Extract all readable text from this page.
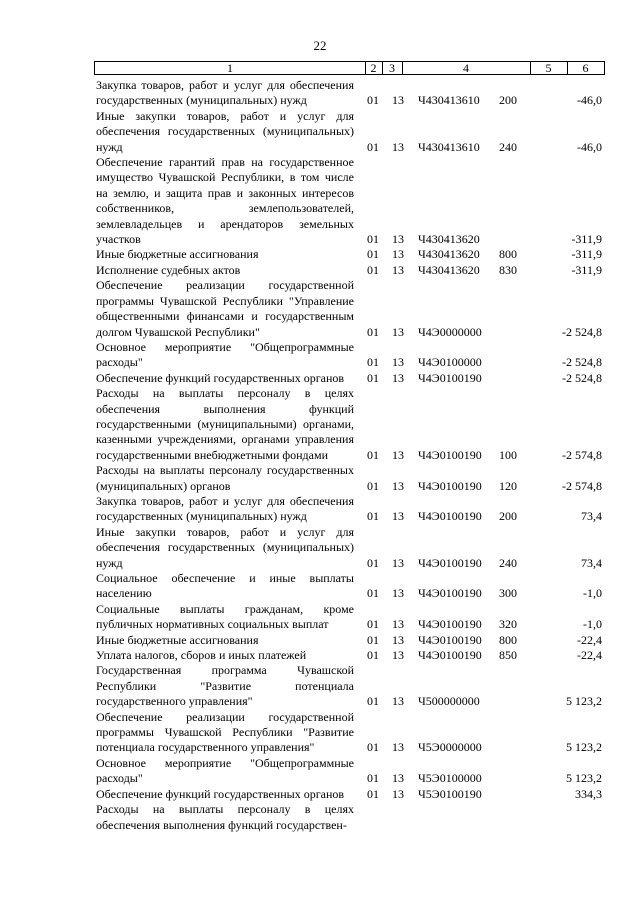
22
1	2	3	4	5	6
Закупка товаров, работ и услуг для обеспечения государственных (муниципальных) нужд	01 13 Ч430413610 200	-46,0
Иные закупки товаров, работ и услуг для обеспечения государственных (муниципальных) нужд	01 13 Ч430413610 240	-46,0
Обеспечение гарантий прав на государственное имущество Чувашской Республики, в том числе на землю, и защита прав и законных интересов собственников, землепользователей, землевладельцев и арендаторов земельных участков	01 13 Ч430413620	-311,9
Иные бюджетные ассигнования	01 13 Ч430413620 800	-311,9
Исполнение судебных актов	01 13 Ч430413620 830	-311,9
Обеспечение реализации государственной программы Чувашской Республики "Управление общественными финансами и государственным долгом Чувашской Республики"	01 13 Ч4Э0000000	-2 524,8
Основное мероприятие "Общепрограммные расходы"	01 13 Ч4Э0100000	-2 524,8
Обеспечение функций государственных органов	01 13 Ч4Э0100190	-2 524,8
Расходы на выплаты персоналу в целях обеспечения выполнения функций государственными (муниципальными) органами, казенными учреждениями, органами управления государственными внебюджетными фондами	01 13 Ч4Э0100190 100	-2 574,8
Расходы на выплаты персоналу государственных (муниципальных) органов	01 13 Ч4Э0100190 120	-2 574,8
Закупка товаров, работ и услуг для обеспечения государственных (муниципальных) нужд	01 13 Ч4Э0100190 200	73,4
Иные закупки товаров, работ и услуг для обеспечения государственных (муниципальных) нужд	01 13 Ч4Э0100190 240	73,4
Социальное обеспечение и иные выплаты населению	01 13 Ч4Э0100190 300	-1,0
Социальные выплаты гражданам, кроме публичных нормативных социальных выплат	01 13 Ч4Э0100190 320	-1,0
Иные бюджетные ассигнования	01 13 Ч4Э0100190 800	-22,4
Уплата налогов, сборов и иных платежей	01 13 Ч4Э0100190 850	-22,4
Государственная программа Чувашской Республики "Развитие потенциала государственного управления"	01 13 Ч500000000	5 123,2
Обеспечение реализации государственной программы Чувашской Республики "Развитие потенциала государственного управления"	01 13 Ч5Э0000000	5 123,2
Основное мероприятие "Общепрограммные расходы"	01 13 Ч5Э0100000	5 123,2
Обеспечение функций государственных органов	01 13 Ч5Э0100190	334,3
Расходы на выплаты персоналу в целях обеспечения выполнения функций государствен-
